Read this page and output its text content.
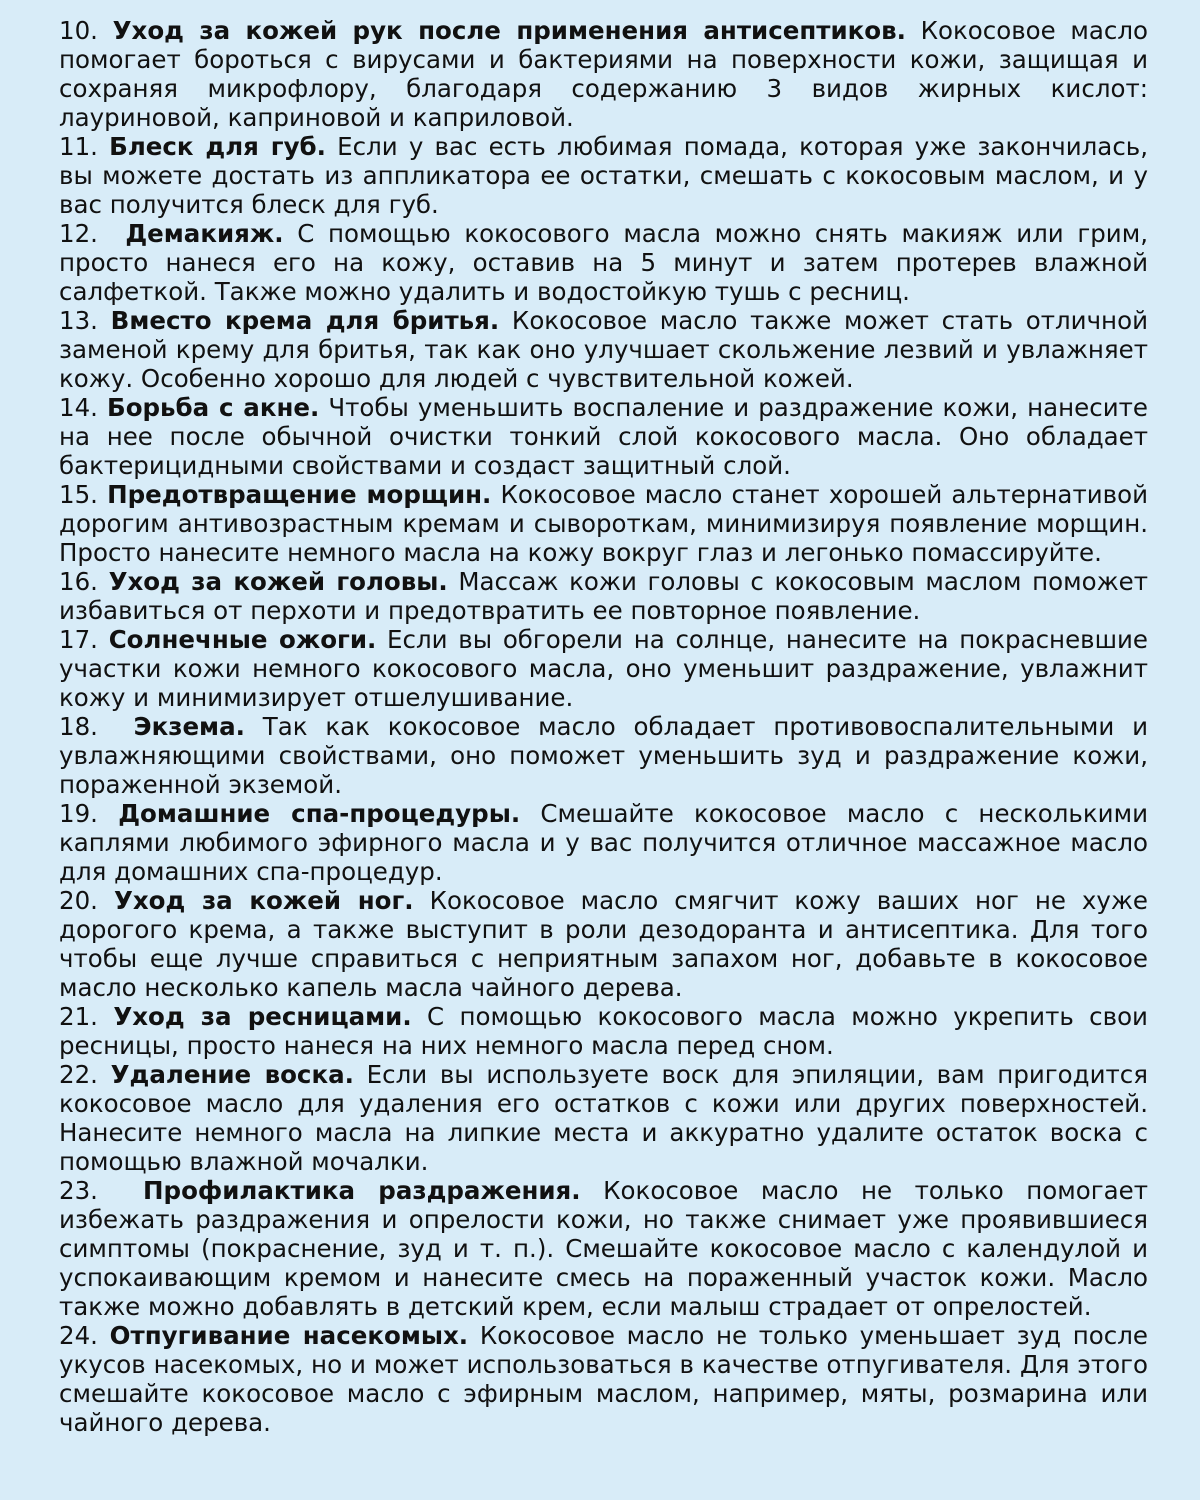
10. Уход за кожей рук после применения антисептиков. Кокосовое масло помогает бороться с вирусами и бактериями на поверхности кожи, защищая и сохраняя микрофлору, благодаря содержанию 3 видов жирных кислот: лауриновой, каприновой и каприловой.

11. Блеск для губ. Если у вас есть любимая помада, которая уже закончилась, вы можете достать из аппликатора ее остатки, смешать с кокосовым маслом, и у вас получится блеск для губ.

12. Демакияж. С помощью кокосового масла можно снять макияж или грим, просто нанеся его на кожу, оставив на 5 минут и затем протерев влажной салфеткой. Также можно удалить и водостойкую тушь с ресниц.

13. Вместо крема для бритья. Кокосовое масло также может стать отличной заменой крему для бритья, так как оно улучшает скольжение лезвий и увлажняет кожу. Особенно хорошо для людей с чувствительной кожей.

14. Борьба с акне. Чтобы уменьшить воспаление и раздражение кожи, нанесите на нее после обычной очистки тонкий слой кокосового масла. Оно обладает бактерицидными свойствами и создаст защитный слой.

15. Предотвращение морщин. Кокосовое масло станет хорошей альтернативой дорогим антивозрастным кремам и сывороткам, минимизируя появление морщин. Просто нанесите немного масла на кожу вокруг глаз и легонько помассируйте.

16. Уход за кожей головы. Массаж кожи головы с кокосовым маслом поможет избавиться от перхоти и предотвратить ее повторное появление.

17. Солнечные ожоги. Если вы обгорели на солнце, нанесите на покрасневшие участки кожи немного кокосового масла, оно уменьшит раздражение, увлажнит кожу и минимизирует отшелушивание.

18. Экзема. Так как кокосовое масло обладает противовоспалительными и увлажняющими свойствами, оно поможет уменьшить зуд и раздражение кожи, пораженной экземой.

19. Домашние спа-процедуры. Смешайте кокосовое масло с несколькими каплями любимого эфирного масла и у вас получится отличное массажное масло для домашних спа-процедур.

20. Уход за кожей ног. Кокосовое масло смягчит кожу ваших ног не хуже дорогого крема, а также выступит в роли дезодоранта и антисептика. Для того чтобы еще лучше справиться с неприятным запахом ног, добавьте в кокосовое масло несколько капель масла чайного дерева.

21. Уход за ресницами. С помощью кокосового масла можно укрепить свои ресницы, просто нанеся на них немного масла перед сном.

22. Удаление воска. Если вы используете воск для эпиляции, вам пригодится кокосовое масло для удаления его остатков с кожи или других поверхностей. Нанесите немного масла на липкие места и аккуратно удалите остаток воска с помощью влажной мочалки.

23. Профилактика раздражения. Кокосовое масло не только помогает избежать раздражения и опрелости кожи, но также снимает уже проявившиеся симптомы (покраснение, зуд и т. п.). Смешайте кокосовое масло с календулой и успокаивающим кремом и нанесите смесь на пораженный участок кожи. Масло также можно добавлять в детский крем, если малыш страдает от опрелостей.

24. Отпугивание насекомых. Кокосовое масло не только уменьшает зуд после укусов насекомых, но и может использоваться в качестве отпугивателя. Для этого смешайте кокосовое масло с эфирным маслом, например, мяты, розмарина или чайного дерева.
